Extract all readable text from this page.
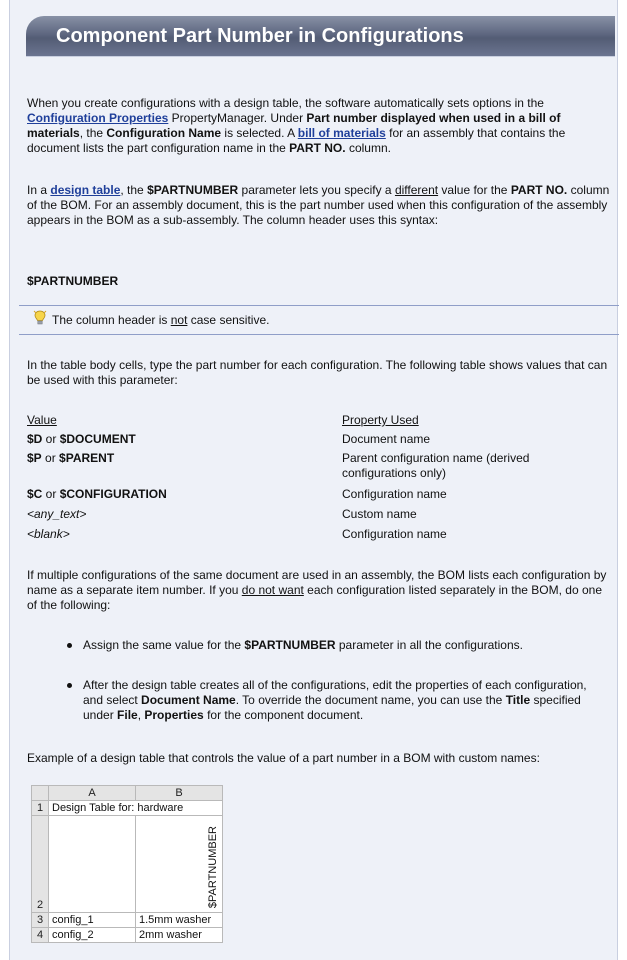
Component Part Number in Configurations

When you create configurations with a design table, the software automatically sets options in the Configuration Properties PropertyManager. Under Part number displayed when used in a bill of materials, the Configuration Name is selected. A bill of materials for an assembly that contains the document lists the part configuration name in the PART NO. column.

In a design table, the $PARTNUMBER parameter lets you specify a different value for the PART NO. column of the BOM. For an assembly document, this is the part number used when this configuration of the assembly appears in the BOM as a sub-assembly. The column header uses this syntax:

$PARTNUMBER

The column header is not case sensitive.

In the table body cells, type the part number for each configuration. The following table shows values that can be used with this parameter:

Value	Property Used
$D or $DOCUMENT	Document name
$P or $PARENT	Parent configuration name (derived configurations only)
$C or $CONFIGURATION	Configuration name
<any_text>	Custom name
<blank>	Configuration name

If multiple configurations of the same document are used in an assembly, the BOM lists each configuration by name as a separate item number. If you do not want each configuration listed separately in the BOM, do one of the following:

Assign the same value for the $PARTNUMBER parameter in all the configurations.
After the design table creates all of the configurations, edit the properties of each configuration, and select Document Name. To override the document name, you can use the Title specified under File, Properties for the component document.

Example of a design table that controls the value of a part number in a BOM with custom names:

	A	B
1	Design Table for: hardware	
2		$PARTNUMBER
3	config_1	1.5mm washer
4	config_2	2mm washer
